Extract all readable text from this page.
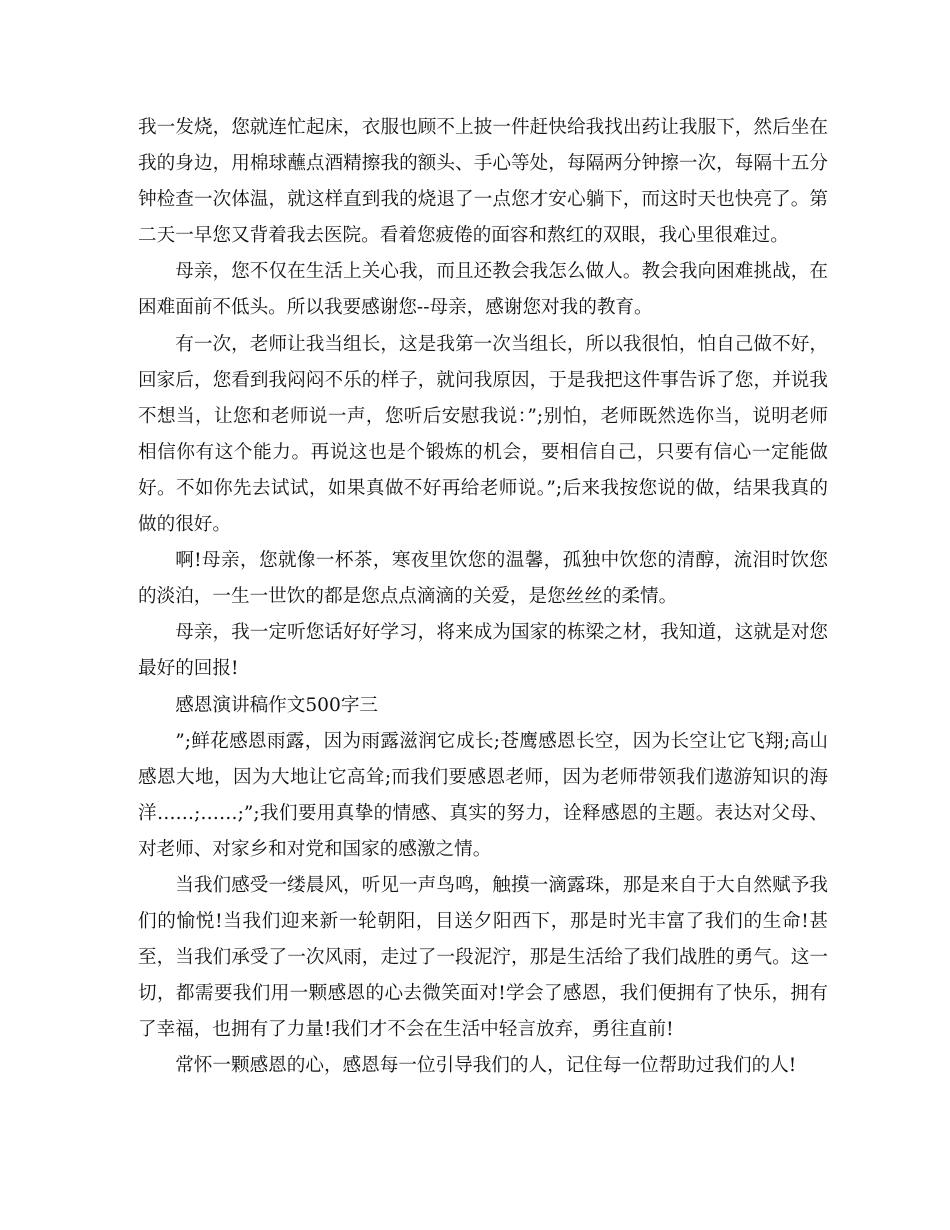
我一发烧，您就连忙起床，衣服也顾不上披一件赶快给我找出药让我服下，然后坐在我的身边，用棉球蘸点酒精擦我的额头、手心等处，每隔两分钟擦一次，每隔十五分钟检查一次体温，就这样直到我的烧退了一点您才安心躺下，而这时天也快亮了。第二天一早您又背着我去医院。看着您疲倦的面容和熬红的双眼，我心里很难过。

母亲，您不仅在生活上关心我，而且还教会我怎么做人。教会我向困难挑战，在困难面前不低头。所以我要感谢您--母亲，感谢您对我的教育。

有一次，老师让我当组长，这是我第一次当组长，所以我很怕，怕自己做不好，回家后，您看到我闷闷不乐的样子，就问我原因，于是我把这件事告诉了您，并说我不想当，让您和老师说一声，您听后安慰我说：”;别怕，老师既然选你当，说明老师相信你有这个能力。再说这也是个锻炼的机会，要相信自己，只要有信心一定能做好。不如你先去试试，如果真做不好再给老师说。”;后来我按您说的做，结果我真的做的很好。

啊!母亲，您就像一杯茶，寒夜里饮您的温馨，孤独中饮您的清醇，流泪时饮您的淡泊，一生一世饮的都是您点点滴滴的关爱，是您丝丝的柔情。

母亲，我一定听您话好好学习，将来成为国家的栋梁之材，我知道，这就是对您最好的回报!

感恩演讲稿作文500字三

”;鲜花感恩雨露，因为雨露滋润它成长;苍鹰感恩长空，因为长空让它飞翔;高山感恩大地，因为大地让它高耸;而我们要感恩老师，因为老师带领我们遨游知识的海洋……;……;”;我们要用真挚的情感、真实的努力，诠释感恩的主题。表达对父母、对老师、对家乡和对党和国家的感激之情。

当我们感受一缕晨风，听见一声鸟鸣，触摸一滴露珠，那是来自于大自然赋予我们的愉悦!当我们迎来新一轮朝阳，目送夕阳西下，那是时光丰富了我们的生命!甚至，当我们承受了一次风雨，走过了一段泥泞，那是生活给了我们战胜的勇气。这一切，都需要我们用一颗感恩的心去微笑面对!学会了感恩，我们便拥有了快乐，拥有了幸福，也拥有了力量!我们才不会在生活中轻言放弃，勇往直前!

常怀一颗感恩的心，感恩每一位引导我们的人，记住每一位帮助过我们的人!
